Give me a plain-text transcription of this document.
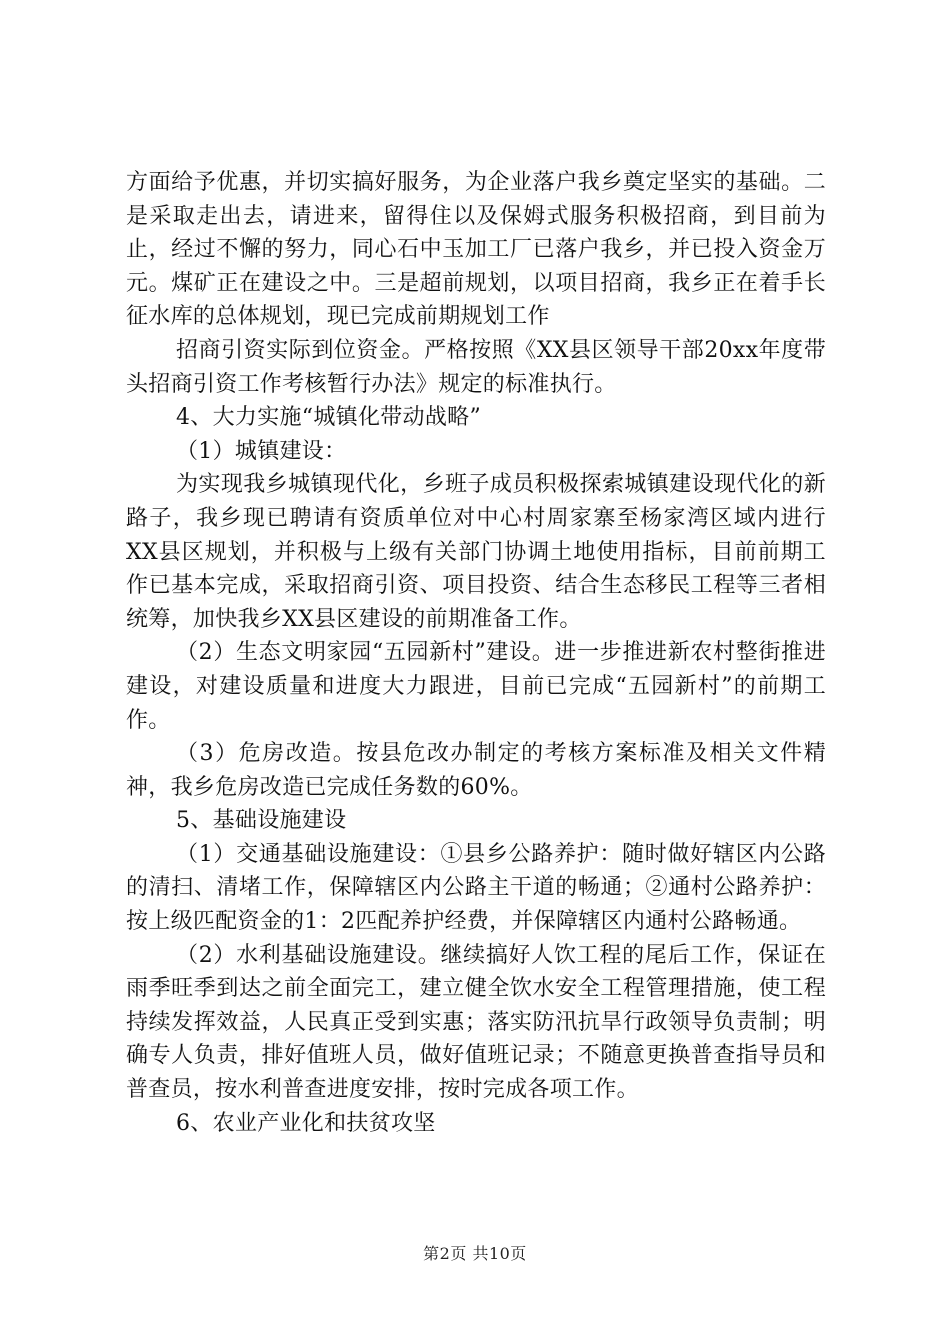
方面给予优惠，并切实搞好服务，为企业落户我乡奠定坚实的基础。二是采取走出去，请进来，留得住以及保姆式服务积极招商，到目前为止，经过不懈的努力，同心石中玉加工厂已落户我乡，并已投入资金万元。煤矿正在建设之中。三是超前规划，以项目招商，我乡正在着手长征水库的总体规划，现已完成前期规划工作

招商引资实际到位资金。严格按照《XX县区领导干部20xx年度带头招商引资工作考核暂行办法》规定的标准执行。

4、大力实施“城镇化带动战略”

（1）城镇建设：

为实现我乡城镇现代化，乡班子成员积极探索城镇建设现代化的新路子，我乡现已聘请有资质单位对中心村周家寨至杨家湾区域内进行XX县区规划，并积极与上级有关部门协调土地使用指标，目前前期工作已基本完成，采取招商引资、项目投资、结合生态移民工程等三者相统筹，加快我乡XX县区建设的前期准备工作。

（2）生态文明家园“五园新村”建设。进一步推进新农村整街推进建设，对建设质量和进度大力跟进，目前已完成“五园新村”的前期工作。

（3）危房改造。按县危改办制定的考核方案标准及相关文件精神，我乡危房改造已完成任务数的60%。

5、基础设施建设

（1）交通基础设施建设：①县乡公路养护：随时做好辖区内公路的清扫、清堵工作，保障辖区内公路主干道的畅通；②通村公路养护：按上级匹配资金的1：2匹配养护经费，并保障辖区内通村公路畅通。

（2）水利基础设施建设。继续搞好人饮工程的尾后工作，保证在雨季旺季到达之前全面完工，建立健全饮水安全工程管理措施，使工程持续发挥效益，人民真正受到实惠；落实防汛抗旱行政领导负责制；明确专人负责，排好值班人员，做好值班记录；不随意更换普查指导员和普查员，按水利普查进度安排，按时完成各项工作。

6、农业产业化和扶贫攻坚

第2页 共10页
